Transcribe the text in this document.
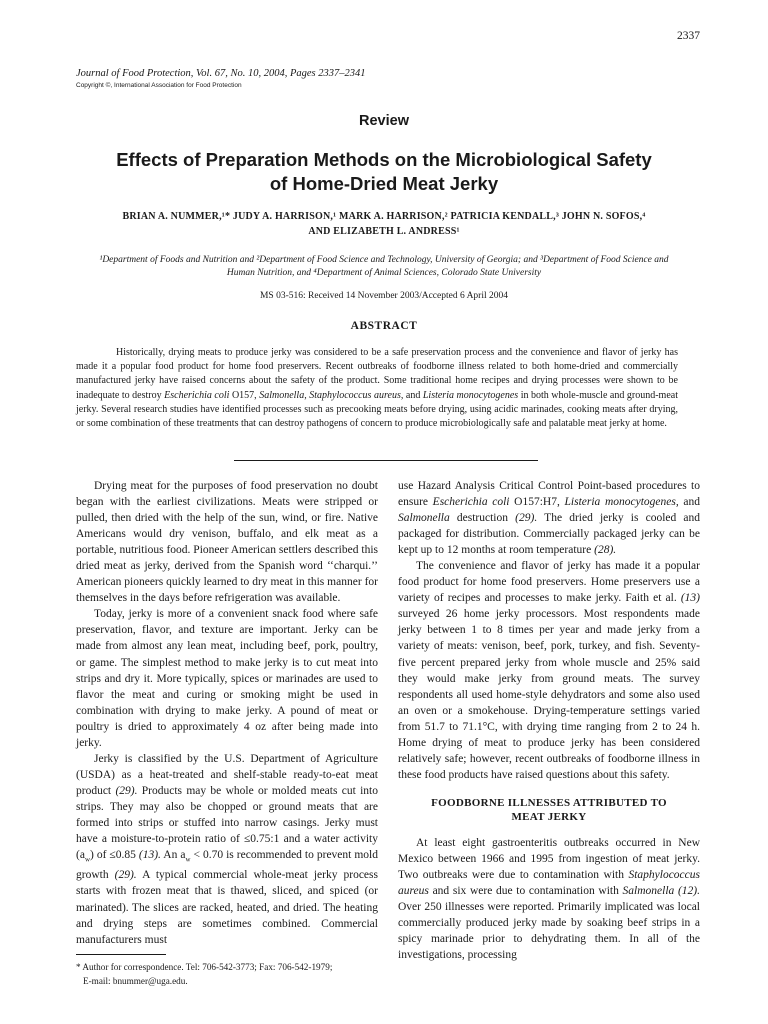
2337
Journal of Food Protection, Vol. 67, No. 10, 2004, Pages 2337–2341
Copyright ©, International Association for Food Protection
Review
Effects of Preparation Methods on the Microbiological Safety
of Home-Dried Meat Jerky
BRIAN A. NUMMER,¹* JUDY A. HARRISON,¹ MARK A. HARRISON,² PATRICIA KENDALL,³ JOHN N. SOFOS,⁴
AND ELIZABETH L. ANDRESS¹
¹Department of Foods and Nutrition and ²Department of Food Science and Technology, University of Georgia; and ³Department of Food Science and
Human Nutrition, and ⁴Department of Animal Sciences, Colorado State University
MS 03-516: Received 14 November 2003/Accepted 6 April 2004
ABSTRACT

Historically, drying meats to produce jerky was considered to be a safe preservation process and the convenience and flavor of jerky has made it a popular food product for home food preservers. Recent outbreaks of foodborne illness related to both home-dried and commercially manufactured jerky have raised concerns about the safety of the product. Some traditional home recipes and drying processes were shown to be inadequate to destroy Escherichia coli O157, Salmonella, Staphylococcus aureus, and Listeria monocytogenes in both whole-muscle and ground-meat jerky. Several research studies have identified processes such as precooking meats before drying, using acidic marinades, cooking meats after drying, or some combination of these treatments that can destroy pathogens of concern to produce microbiologically safe and palatable meat jerky at home.

Drying meat for the purposes of food preservation no doubt began with the earliest civilizations. Meats were stripped or pulled, then dried with the help of the sun, wind, or fire. Native Americans would dry venison, buffalo, and elk meat as a portable, nutritious food. Pioneer American settlers described this dried meat as jerky, derived from the Spanish word ‘‘charqui.’’ American pioneers quickly learned to dry meat in this manner for themselves in the days before refrigeration was available.

Today, jerky is more of a convenient snack food where safe preservation, flavor, and texture are important. Jerky can be made from almost any lean meat, including beef, pork, poultry, or game. The simplest method to make jerky is to cut meat into strips and dry it. More typically, spices or marinades are used to flavor the meat and curing or smoking might be used in combination with drying to make jerky. A pound of meat or poultry is dried to approximately 4 oz after being made into jerky.

Jerky is classified by the U.S. Department of Agriculture (USDA) as a heat-treated and shelf-stable ready-to-eat meat product (29). Products may be whole or molded meats cut into strips. They may also be chopped or ground meats that are formed into strips or stuffed into narrow casings. Jerky must have a moisture-to-protein ratio of ≤0.75:1 and a water activity $(a_w)$ of ≤0.85 (13). An $a_w < 0.70$ is recommended to prevent mold growth (29). A typical commercial whole-meat jerky process starts with frozen meat that is thawed, sliced, and spiced (or marinated). The slices are racked, heated, and dried. The heating and drying steps are sometimes combined. Commercial manufacturers must

use Hazard Analysis Critical Control Point-based procedures to ensure Escherichia coli O157:H7, Listeria monocytogenes, and Salmonella destruction (29). The dried jerky is cooled and packaged for distribution. Commercially packaged jerky can be kept up to 12 months at room temperature (28).

The convenience and flavor of jerky has made it a popular food product for home food preservers. Home preservers use a variety of recipes and processes to make jerky. Faith et al. (13) surveyed 26 home jerky processors. Most respondents made jerky between 1 to 8 times per year and made jerky from a variety of meats: venison, beef, pork, turkey, and fish. Seventy-five percent prepared jerky from whole muscle and 25% said they would make jerky from ground meats. The survey respondents all used home-style dehydrators and some also used an oven or a smokehouse. Drying-temperature settings varied from 51.7 to 71.1°C, with drying time ranging from 2 to 24 h. Home drying of meat to produce jerky has been considered relatively safe; however, recent outbreaks of foodborne illness in these food products have raised questions about this safety.

FOODBORNE ILLNESSES ATTRIBUTED TO
MEAT JERKY

At least eight gastroenteritis outbreaks occurred in New Mexico between 1966 and 1995 from ingestion of meat jerky. Two outbreaks were due to contamination with Staphylococcus aureus and six were due to contamination with Salmonella (12). Over 250 illnesses were reported. Primarily implicated was local commercially produced jerky made by soaking beef strips in a spicy marinade prior to dehydrating them. In all of the investigations, processing

* Author for correspondence. Tel: 706-542-3773; Fax: 706-542-1979;
E-mail: bnummer@uga.edu.
